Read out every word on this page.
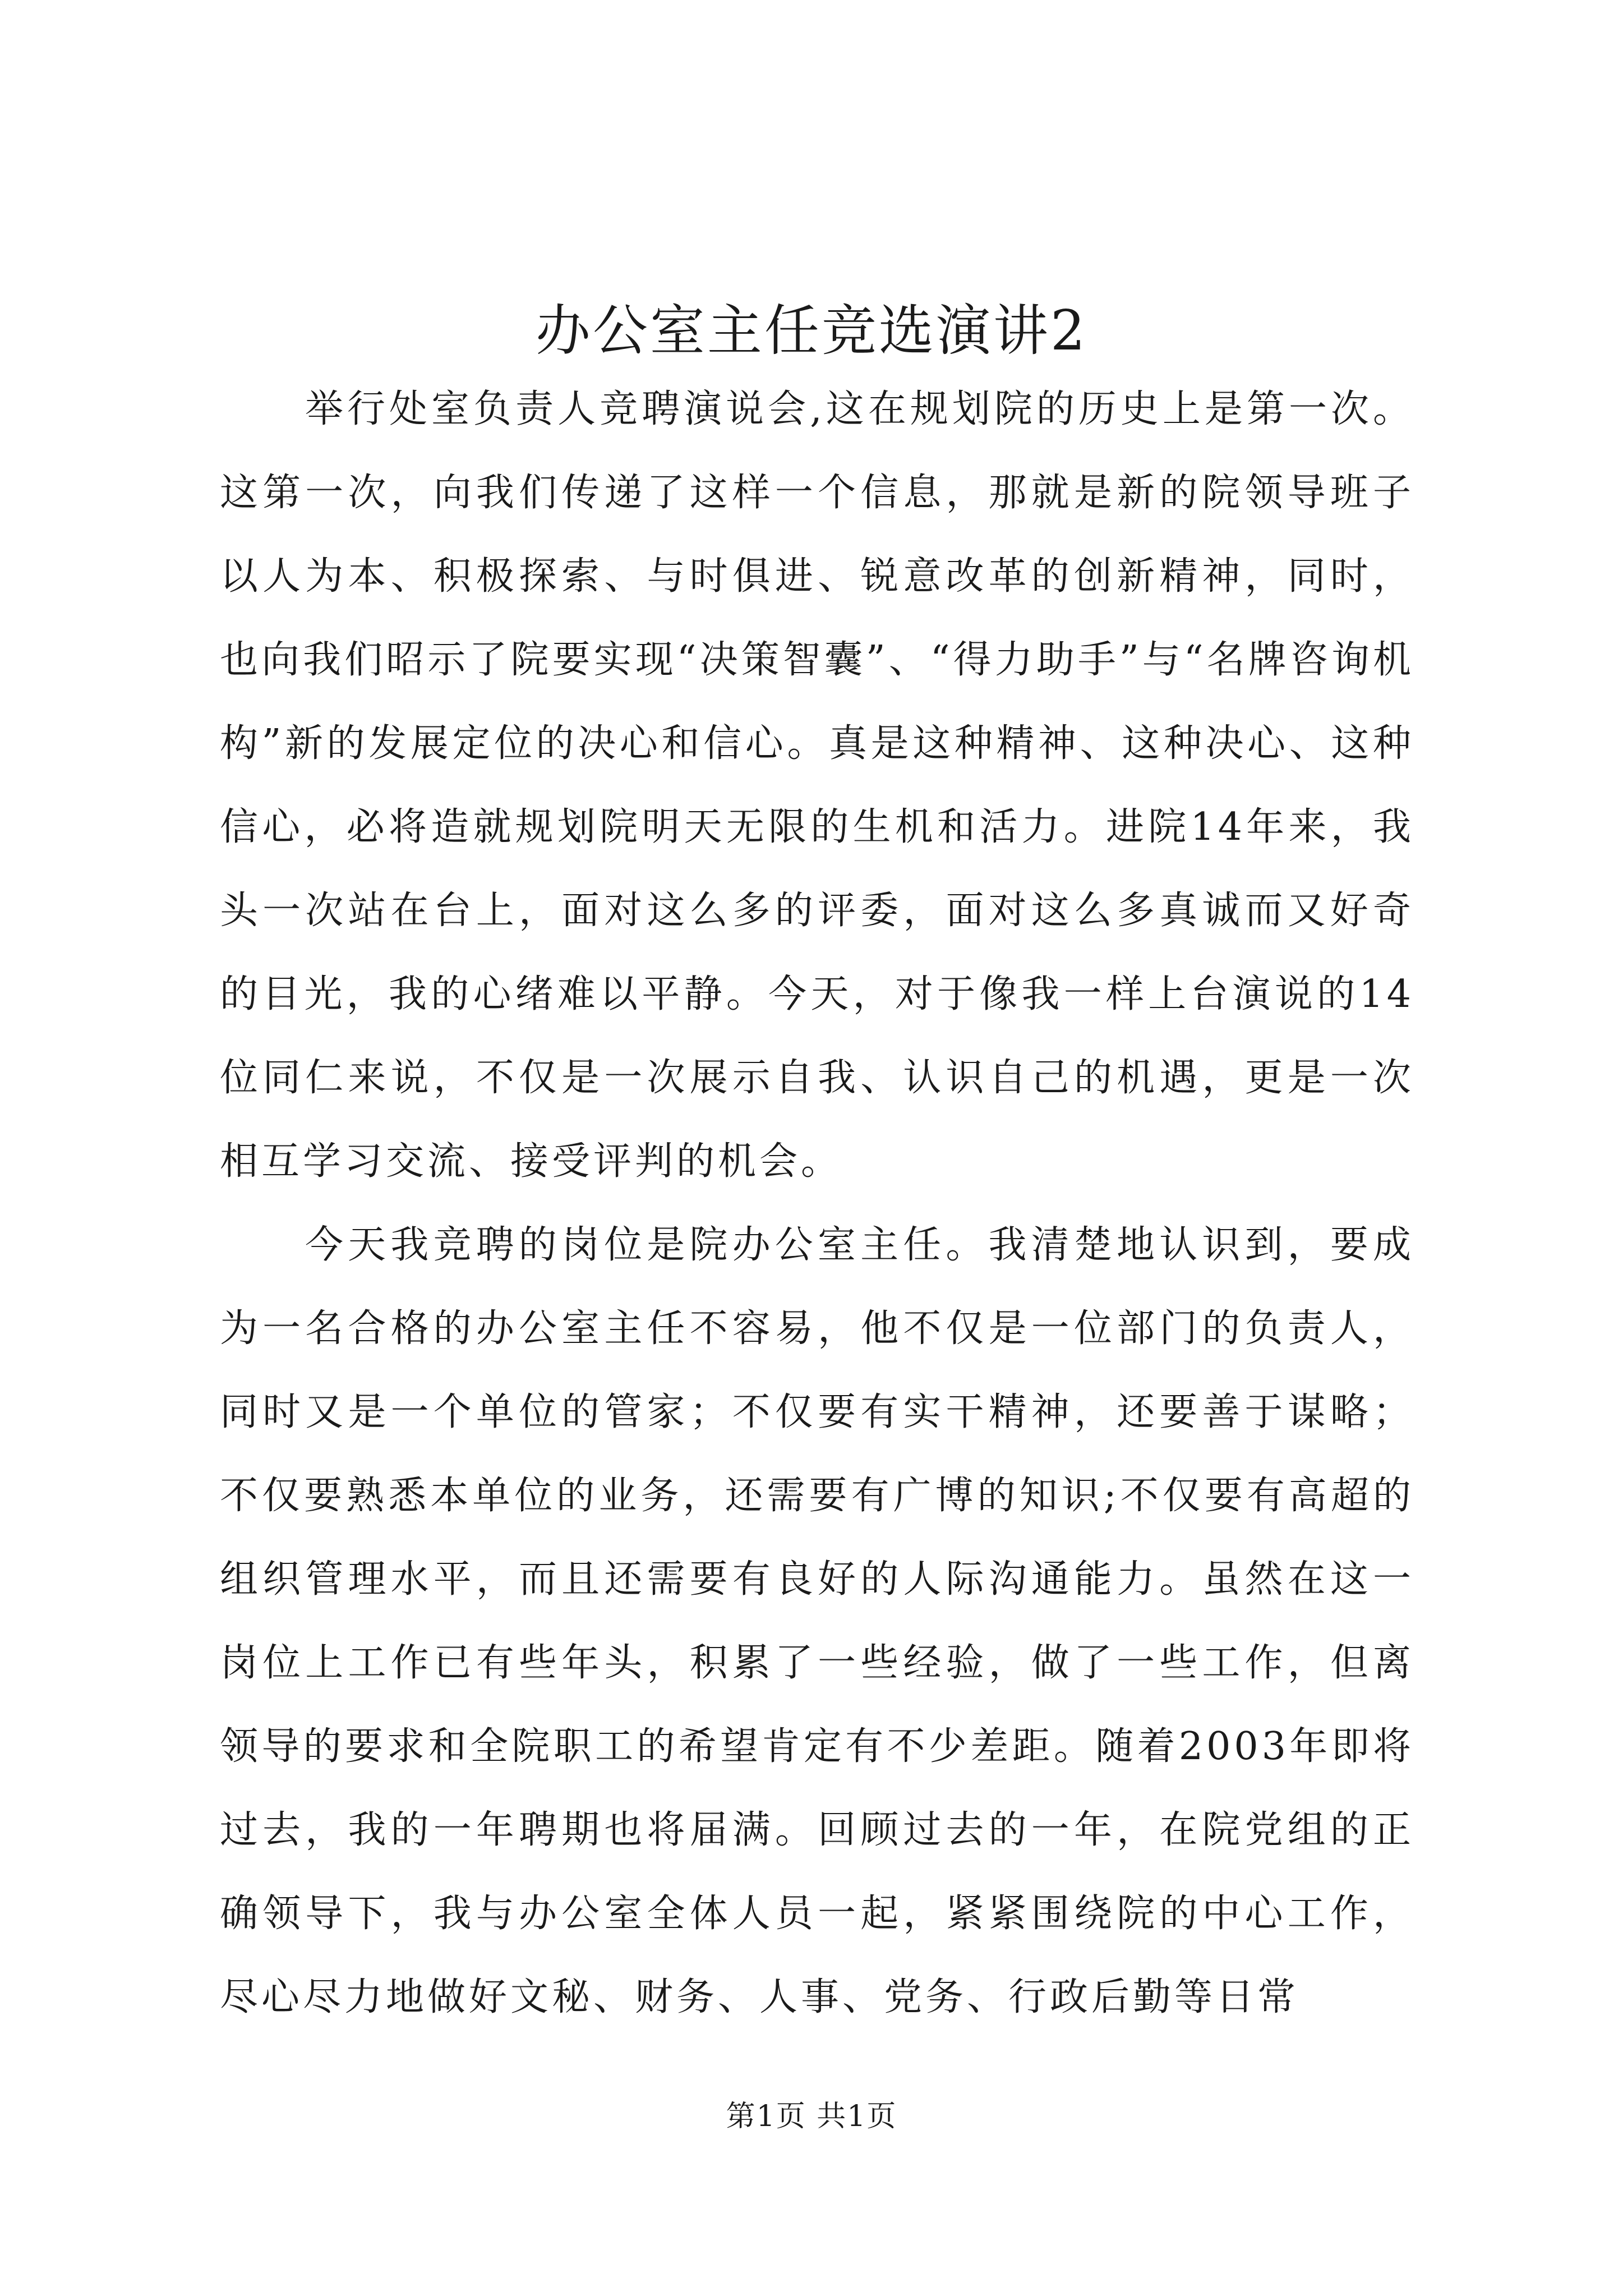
办公室主任竞选演讲2

举行处室负责人竞聘演说会,这在规划院的历史上是第一次。这第一次，向我们传递了这样一个信息，那就是新的院领导班子以人为本、积极探索、与时俱进、锐意改革的创新精神，同时，也向我们昭示了院要实现“决策智囊”、“得力助手”与“名牌咨询机构”新的发展定位的决心和信心。真是这种精神、这种决心、这种信心，必将造就规划院明天无限的生机和活力。进院14年来，我头一次站在台上，面对这么多的评委，面对这么多真诚而又好奇的目光，我的心绪难以平静。今天，对于像我一样上台演说的14位同仁来说，不仅是一次展示自我、认识自己的机遇，更是一次相互学习交流、接受评判的机会。

今天我竞聘的岗位是院办公室主任。我清楚地认识到，要成为一名合格的办公室主任不容易，他不仅是一位部门的负责人，同时又是一个单位的管家；不仅要有实干精神，还要善于谋略；不仅要熟悉本单位的业务，还需要有广博的知识;不仅要有高超的组织管理水平，而且还需要有良好的人际沟通能力。虽然在这一岗位上工作已有些年头，积累了一些经验，做了一些工作，但离领导的要求和全院职工的希望肯定有不少差距。随着2003年即将过去，我的一年聘期也将届满。回顾过去的一年，在院党组的正确领导下，我与办公室全体人员一起，紧紧围绕院的中心工作，尽心尽力地做好文秘、财务、人事、党务、行政后勤等日常

第1页 共1页
